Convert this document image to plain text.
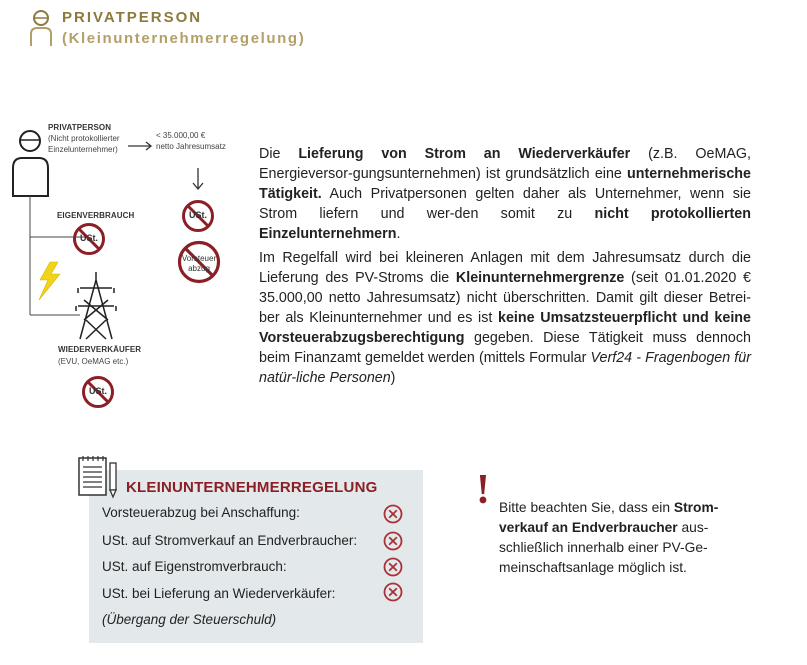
PRIVATPERSON
(Kleinunternehmerregelung)
PRIVATPERSON
(Nicht protokollierter
Einzelunternehmer)
< 35.000,00 €
netto Jahresumsatz
EIGENVERBRAUCH
WIEDERVERKÄUFER
(EVU, OeMAG etc.)
USt.
USt.
Vorsteuer
abzug
USt.

Die Lieferung von Strom an Wiederverkäufer (z.B. OeMAG, Energieversor-gungsunternehmen) ist grundsätzlich eine unternehmerische Tätigkeit. Auch Privatpersonen gelten daher als Unternehmer, wenn sie Strom liefern und wer-den somit zu nicht protokollierten Einzelunternehmern.

Im Regelfall wird bei kleineren Anlagen mit dem Jahresumsatz durch die Lieferung des PV-Stroms die Kleinunternehmergrenze (seit 01.01.2020 € 35.000,00 netto Jahresumsatz) nicht überschritten. Damit gilt dieser Betrei-ber als Kleinunternehmer und es ist keine Umsatzsteuerpflicht und keine Vorsteuerabzugsberechtigung gegeben. Diese Tätigkeit muss dennoch beim Finanzamt gemeldet werden (mittels Formular Verf24 - Fragenbogen für natür-liche Personen)

KLEINUNTERNEHMERREGELUNG
Vorsteuerabzug bei Anschaffung:
USt. auf Stromverkauf an Endverbraucher:
USt. auf Eigenstromverbrauch:
USt. bei Lieferung an Wiederverkäufer:
(Übergang der Steuerschuld)
! Bitte beachten Sie, dass ein Strom-verkauf an Endverbraucher aus-schließlich innerhalb einer PV-Ge-meinschaftsanlage möglich ist.
